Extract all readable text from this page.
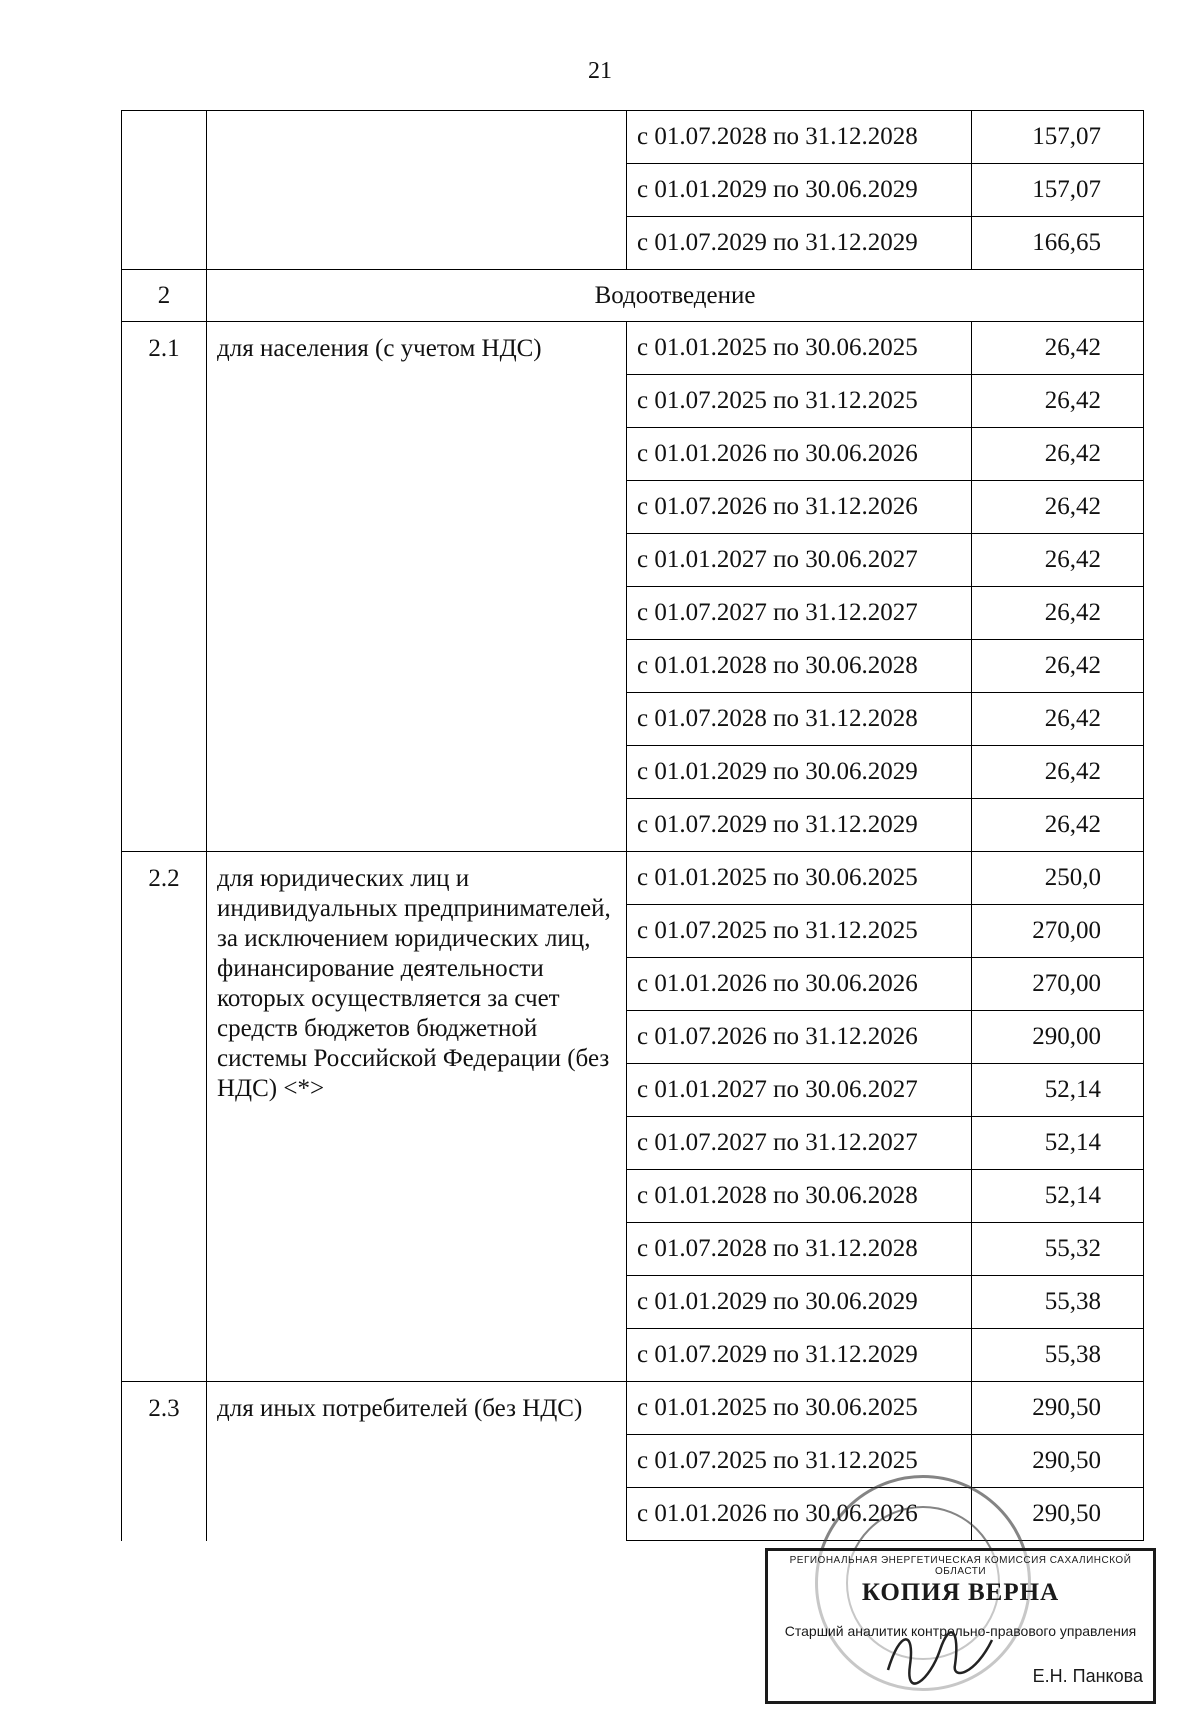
21
		с 01.07.2028 по 31.12.2028	157,07
		с 01.01.2029 по 30.06.2029	157,07
		с 01.07.2029 по 31.12.2029	166,65
2	Водоотведение		
2.1	для населения (с учетом НДС)	с 01.01.2025 по 30.06.2025	26,42
		с 01.07.2025 по 31.12.2025	26,42
		с 01.01.2026 по 30.06.2026	26,42
		с 01.07.2026 по 31.12.2026	26,42
		с 01.01.2027 по 30.06.2027	26,42
		с 01.07.2027 по 31.12.2027	26,42
		с 01.01.2028 по 30.06.2028	26,42
		с 01.07.2028 по 31.12.2028	26,42
		с 01.01.2029 по 30.06.2029	26,42
		с 01.07.2029 по 31.12.2029	26,42
2.2	для юридических лиц и индивидуальных предпринимателей, за исключением юридических лиц, финансирование деятельности которых осуществляется за счет средств бюджетов бюджетной системы Российской Федерации (без НДС) <*>	с 01.01.2025 по 30.06.2025	250,0
		с 01.07.2025 по 31.12.2025	270,00
		с 01.01.2026 по 30.06.2026	270,00
		с 01.07.2026 по 31.12.2026	290,00
		с 01.01.2027 по 30.06.2027	52,14
		с 01.07.2027 по 31.12.2027	52,14
		с 01.01.2028 по 30.06.2028	52,14
		с 01.07.2028 по 31.12.2028	55,32
		с 01.01.2029 по 30.06.2029	55,38
		с 01.07.2029 по 31.12.2029	55,38
2.3	для иных потребителей (без НДС)	с 01.01.2025 по 30.06.2025	290,50
		с 01.07.2025 по 31.12.2025	290,50
		с 01.01.2026 по 30.06.2026	290,50
РЕГИОНАЛЬНАЯ ЭНЕРГЕТИЧЕСКАЯ КОМИССИЯ САХАЛИНСКОЙ ОБЛАСТИ
КОПИЯ ВЕРНА
Старший аналитик контрольно-правового управления
Е.Н. Панкова
